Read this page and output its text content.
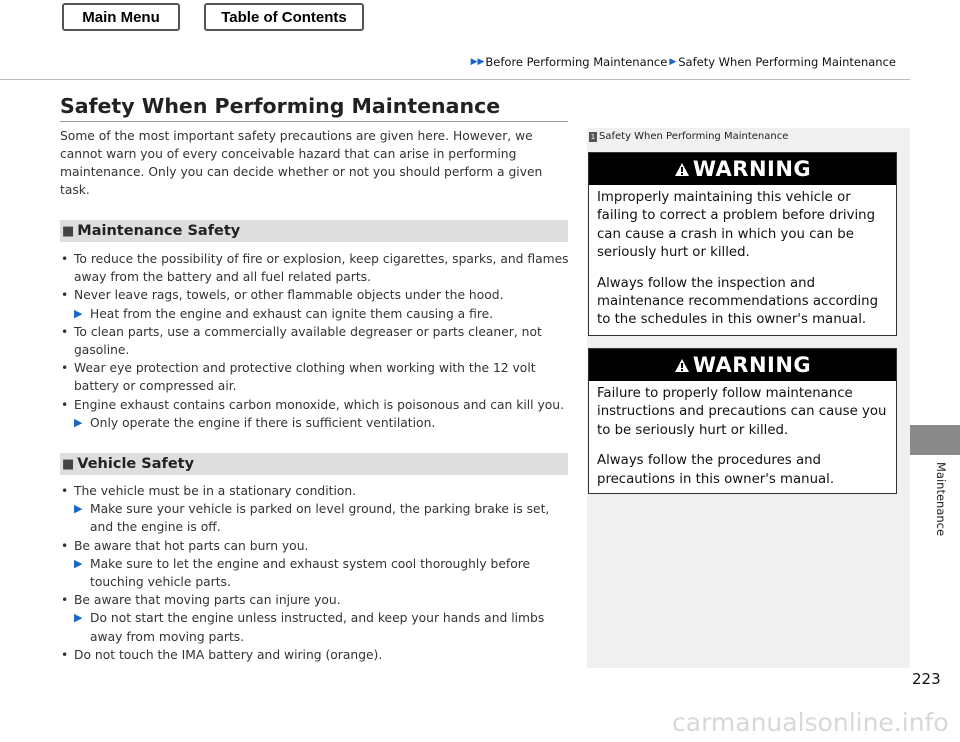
Main Menu	Table of Contents
▶▶ Before Performing Maintenance ▶ Safety When Performing Maintenance
Maintenance
223
Safety When Performing Maintenance
Some of the most important safety precautions are given here. However, we cannot warn you of every conceivable hazard that can arise in performing maintenance. Only you can decide whether or not you should perform a given task.
■ Maintenance Safety
• To reduce the possibility of fire or explosion, keep cigarettes, sparks, and flames away from the battery and all fuel related parts.
• Never leave rags, towels, or other flammable objects under the hood.
▶ Heat from the engine and exhaust can ignite them causing a fire.
• To clean parts, use a commercially available degreaser or parts cleaner, not gasoline.
• Wear eye protection and protective clothing when working with the 12 volt battery or compressed air.
• Engine exhaust contains carbon monoxide, which is poisonous and can kill you.
▶ Only operate the engine if there is sufficient ventilation.
■ Vehicle Safety
• The vehicle must be in a stationary condition.
▶ Make sure your vehicle is parked on level ground, the parking brake is set, and the engine is off.
• Be aware that hot parts can burn you.
▶ Make sure to let the engine and exhaust system cool thoroughly before touching vehicle parts.
• Be aware that moving parts can injure you.
▶ Do not start the engine unless instructed, and keep your hands and limbs away from moving parts.
• Do not touch the IMA battery and wiring (orange).
1 Safety When Performing Maintenance
WARNING

Improperly maintaining this vehicle or failing to correct a problem before driving can cause a crash in which you can be seriously hurt or killed.

Always follow the inspection and maintenance recommendations according to the schedules in this owner's manual.

WARNING

Failure to properly follow maintenance instructions and precautions can cause you to be seriously hurt or killed.

Always follow the procedures and precautions in this owner's manual.

carmanualsonline.info
